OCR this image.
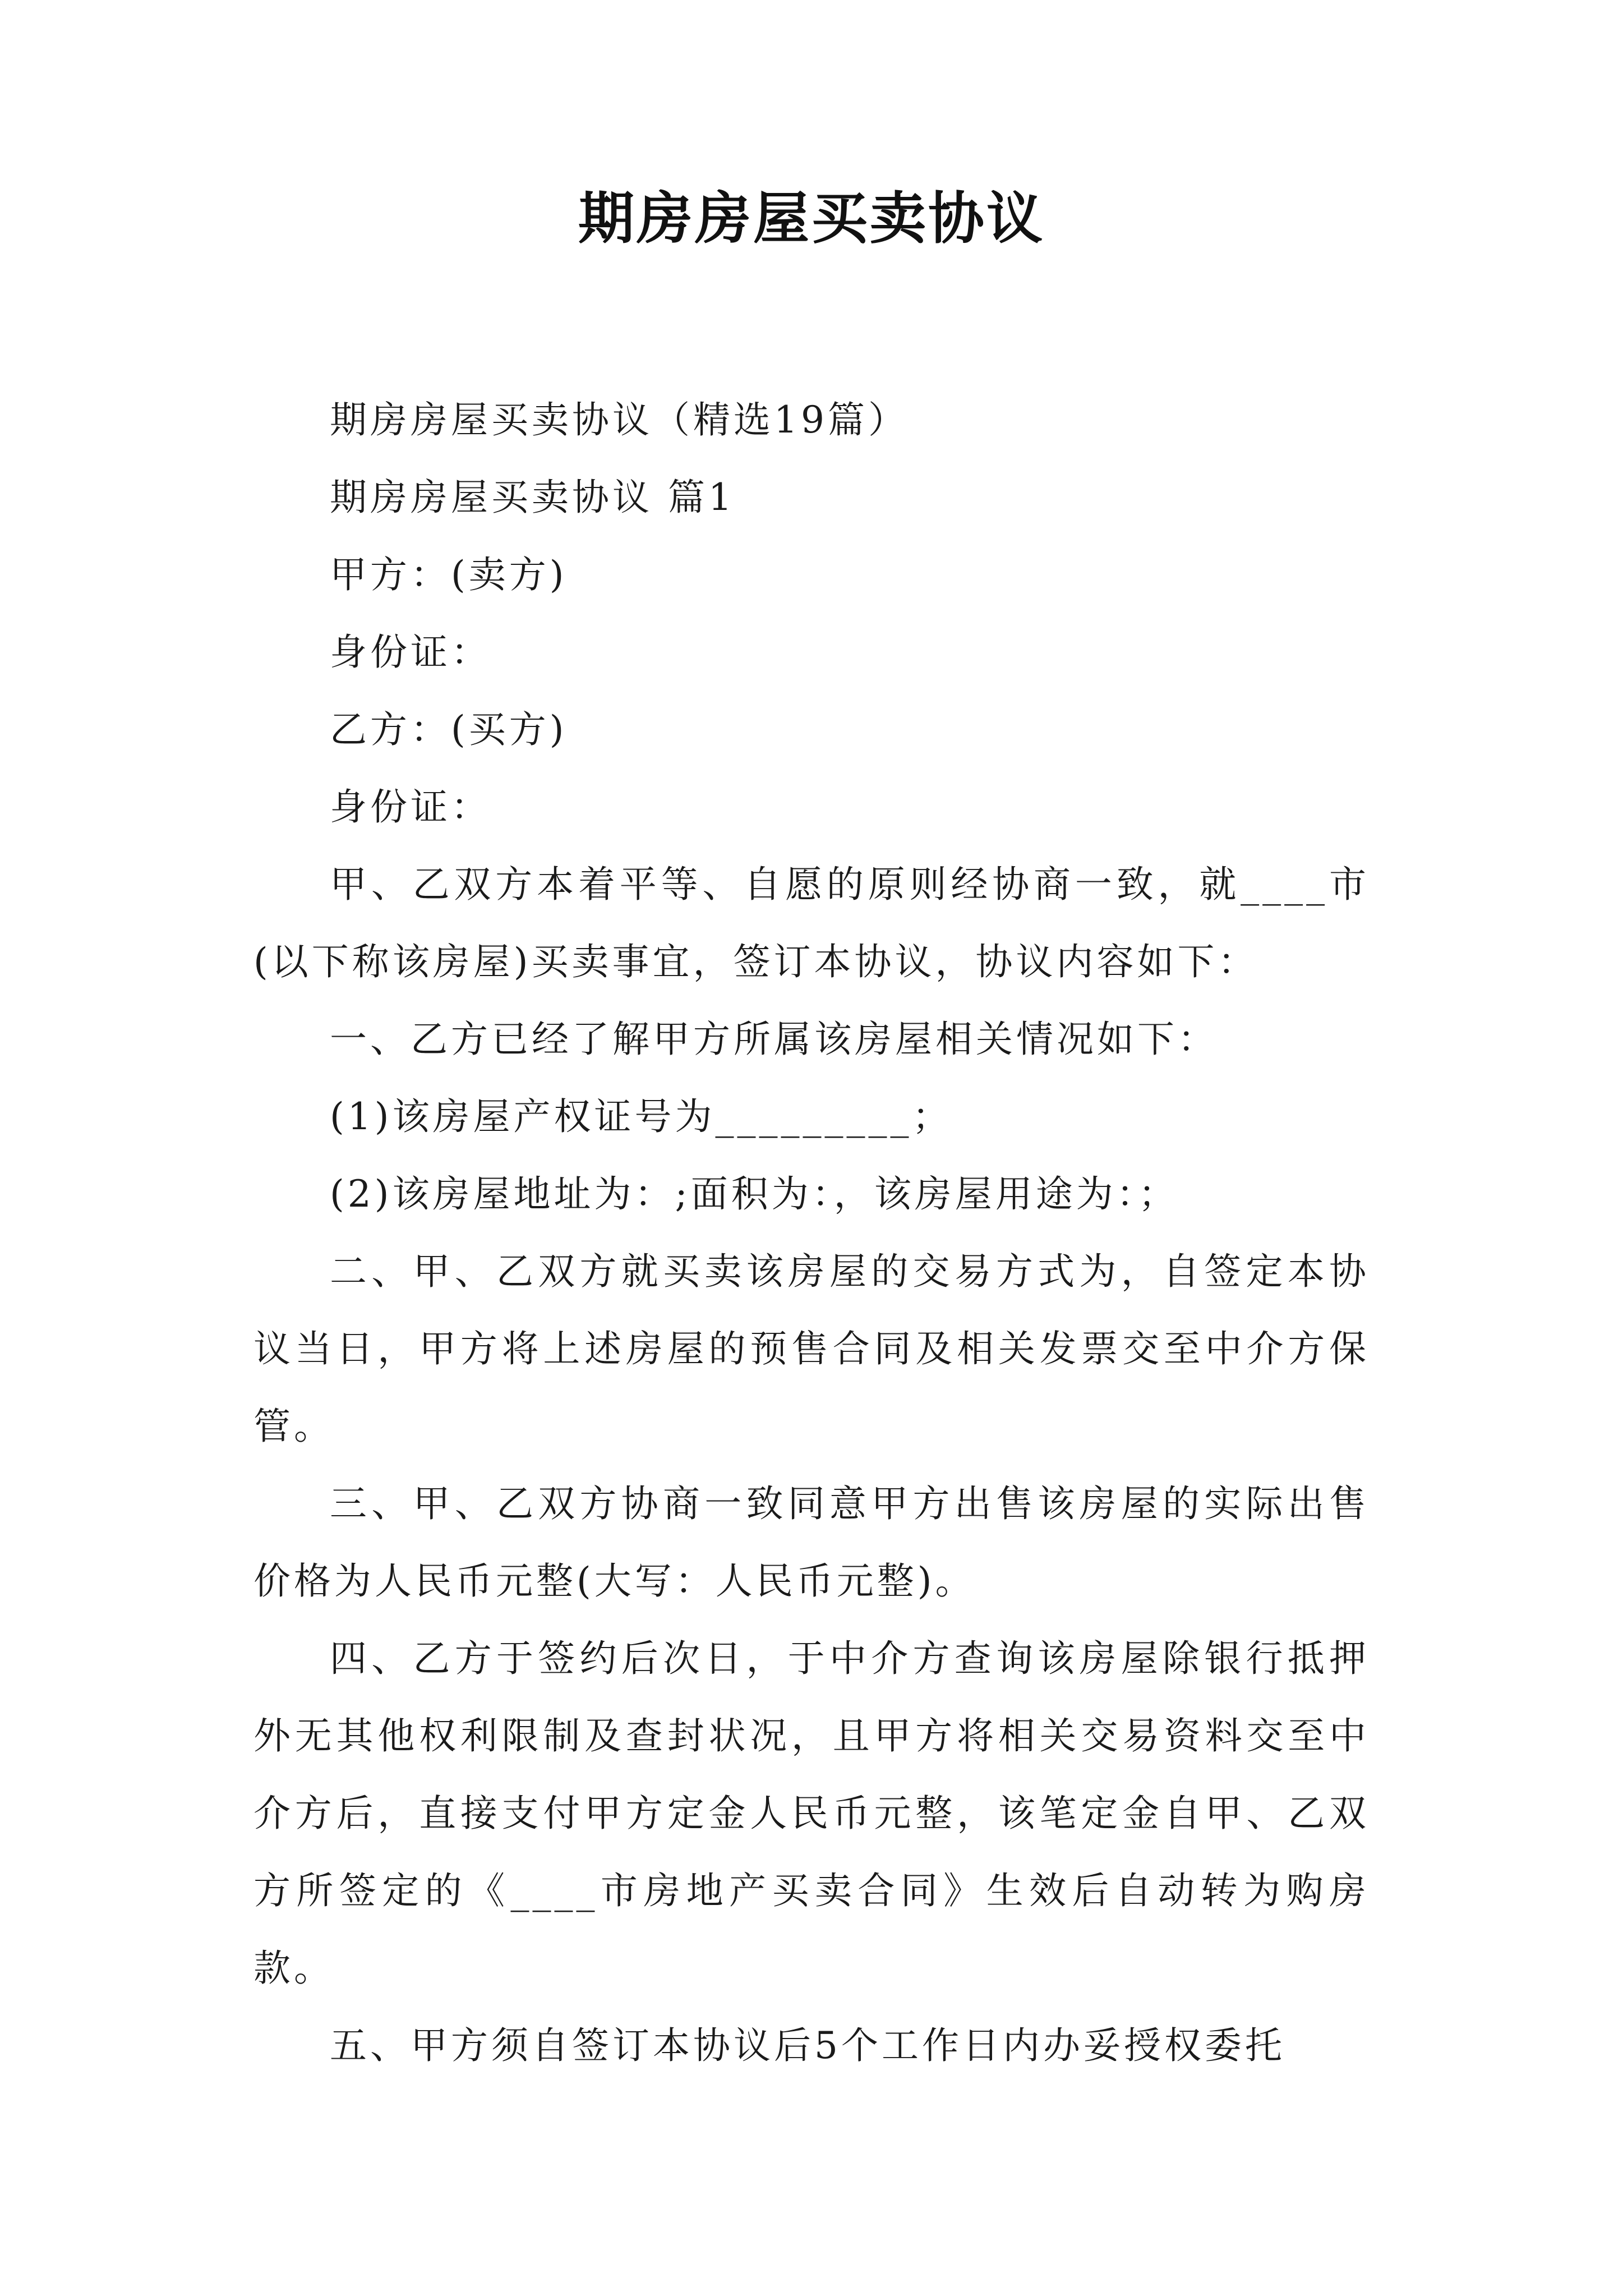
期房房屋买卖协议

期房房屋买卖协议（精选19篇）

期房房屋买卖协议 篇1

甲方：(卖方)

身份证：

乙方：(买方)

身份证：

甲、乙双方本着平等、自愿的原则经协商一致，就____市(以下称该房屋)买卖事宜，签订本协议，协议内容如下：

一、乙方已经了解甲方所属该房屋相关情况如下：

(1)该房屋产权证号为_________；

(2)该房屋地址为：;面积为：，该房屋用途为：；

二、甲、乙双方就买卖该房屋的交易方式为，自签定本协议当日，甲方将上述房屋的预售合同及相关发票交至中介方保管。

三、甲、乙双方协商一致同意甲方出售该房屋的实际出售价格为人民币元整(大写：人民币元整)。

四、乙方于签约后次日，于中介方查询该房屋除银行抵押外无其他权利限制及查封状况，且甲方将相关交易资料交至中介方后，直接支付甲方定金人民币元整，该笔定金自甲、乙双方所签定的《____市房地产买卖合同》生效后自动转为购房款。

五、甲方须自签订本协议后5个工作日内办妥授权委托
